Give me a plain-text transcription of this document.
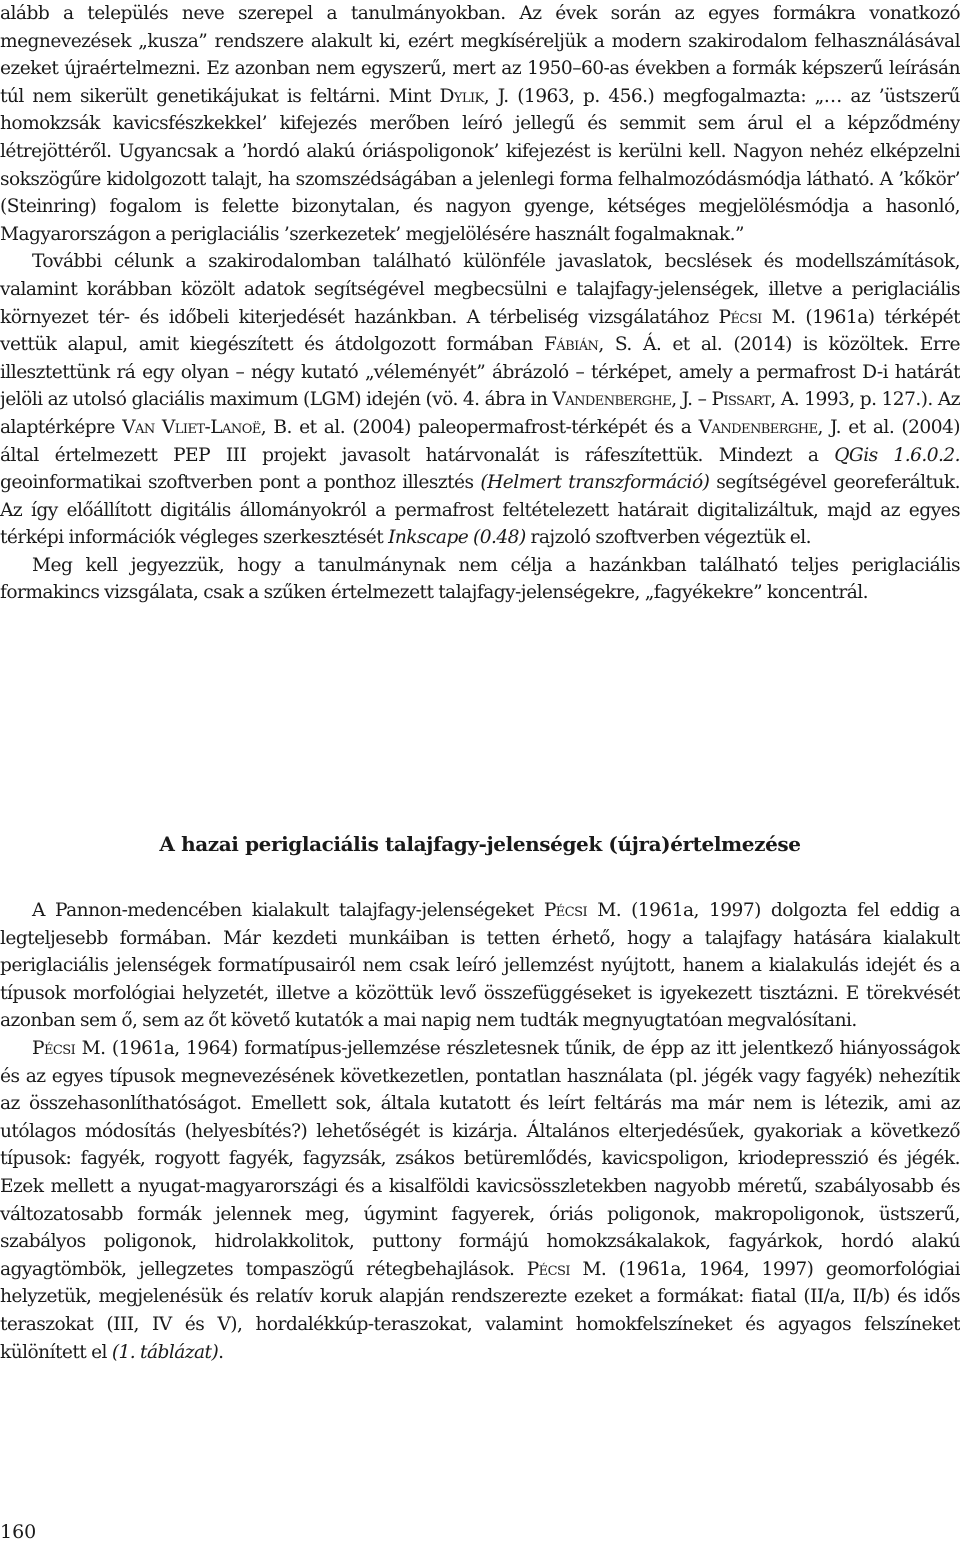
alább a település neve szerepel a tanulmányokban. Az évek során az egyes formákra vonatkozó megnevezések „kusza” rendszere alakult ki, ezért megkíséreljük a modern szakirodalom felhasználásával ezeket újraértelmezni. Ez azonban nem egyszerű, mert az 1950–60-as években a formák képszerű leírásán túl nem sikerült genetikájukat is feltárni. Mint Dylik, J. (1963, p. 456.) megfogalmazta: „… az ’üstszerű homokzsák kavicsfészkekkel’ kifejezés merőben leíró jellegű és semmit sem árul el a képződmény létrejöttéről. Ugyancsak a ’hordó alakú óriáspoligonok’ kifejezést is kerülni kell. Nagyon nehéz elképzelni sokszögűre kidolgozott talajt, ha szomszédságában a jelenlegi forma felhalmozódásmódja látható. A ’kőkör’ (Steinring) fogalom is felette bizonytalan, és nagyon gyenge, kétséges megjelölésmódja a hasonló, Magyarországon a periglaciális ’szerkezetek’ megjelölésére használt fogalmaknak.”

További célunk a szakirodalomban található különféle javaslatok, becslések és modellszámítások, valamint korábban közölt adatok segítségével megbecsülni e talajfagy-jelenségek, illetve a periglaciális környezet tér- és időbeli kiterjedését hazánkban. A térbeliség vizsgálatához Pécsi M. (1961a) térképét vettük alapul, amit kiegészített és átdolgozott formában Fábián, S. Á. et al. (2014) is közöltek. Erre illesztettünk rá egy olyan – négy kutató „véleményét” ábrázoló – térképet, amely a permafrost D-i határát jelöli az utolsó glaciális maximum (LGM) idején (vö. 4. ábra in Vandenberghe, J. – Pissart, A. 1993, p. 127.). Az alaptérképre Van Vliet-Lanoë, B. et al. (2004) paleopermafrost-térképét és a Vandenberghe, J. et al. (2004) által értelmezett PEP III projekt javasolt határvonalát is ráfeszítettük. Mindezt a QGis 1.6.0.2. geoinformatikai szoftverben pont a ponthoz illesztés (Helmert transzformáció) segítségével georeferáltuk. Az így előállított digitális állományokról a permafrost feltételezett határait digitalizáltuk, majd az egyes térképi információk végleges szerkesztését Inkscape (0.48) rajzoló szoftverben végeztük el.

Meg kell jegyezzük, hogy a tanulmánynak nem célja a hazánkban található teljes periglaciális formakincs vizsgálata, csak a szűken értelmezett talajfagy-jelenségekre, „fagyékekre” koncentrál.

A hazai periglaciális talajfagy-jelenségek (újra)értelmezése

A Pannon-medencében kialakult talajfagy-jelenségeket Pécsi M. (1961a, 1997) dolgozta fel eddig a legteljesebb formában. Már kezdeti munkáiban is tetten érhető, hogy a talajfagy hatására kialakult periglaciális jelenségek formatípusairól nem csak leíró jellemzést nyújtott, hanem a kialakulás idejét és a típusok morfológiai helyzetét, illetve a közöttük levő összefüggéseket is igyekezett tisztázni. E törekvését azonban sem ő, sem az őt követő kutatók a mai napig nem tudták megnyugtatóan megvalósítani.

Pécsi M. (1961a, 1964) formatípus-jellemzése részletesnek tűnik, de épp az itt jelentkező hiányosságok és az egyes típusok megnevezésének következetlen, pontatlan használata (pl. jégék vagy fagyék) nehezítik az összehasonlíthatóságot. Emellett sok, általa kutatott és leírt feltárás ma már nem is létezik, ami az utólagos módosítás (helyesbítés?) lehetőségét is kizárja. Általános elterjedésűek, gyakoriak a következő típusok: fagyék, rogyott fagyék, fagyzsák, zsákos betüremlődés, kavicspoligon, kriodepresszió és jégék. Ezek mellett a nyugat-magyarországi és a kisalföldi kavicsösszletekben nagyobb méretű, szabályosabb és változatosabb formák jelennek meg, úgymint fagyerek, óriás poligonok, makropoligonok, üstszerű, szabályos poligonok, hidrolakkolitok, puttony formájú homokzsákalakok, fagyárkok, hordó alakú agyagtömbök, jellegzetes tompaszögű rétegbehajlások. Pécsi M. (1961a, 1964, 1997) geomorfológiai helyzetük, megjelenésük és relatív koruk alapján rendszerezte ezeket a formákat: fiatal (II/a, II/b) és idős teraszokat (III, IV és V), hordalékkúp-teraszokat, valamint homokfelszíneket és agyagos felszíneket különített el (1. táblázat).

160
